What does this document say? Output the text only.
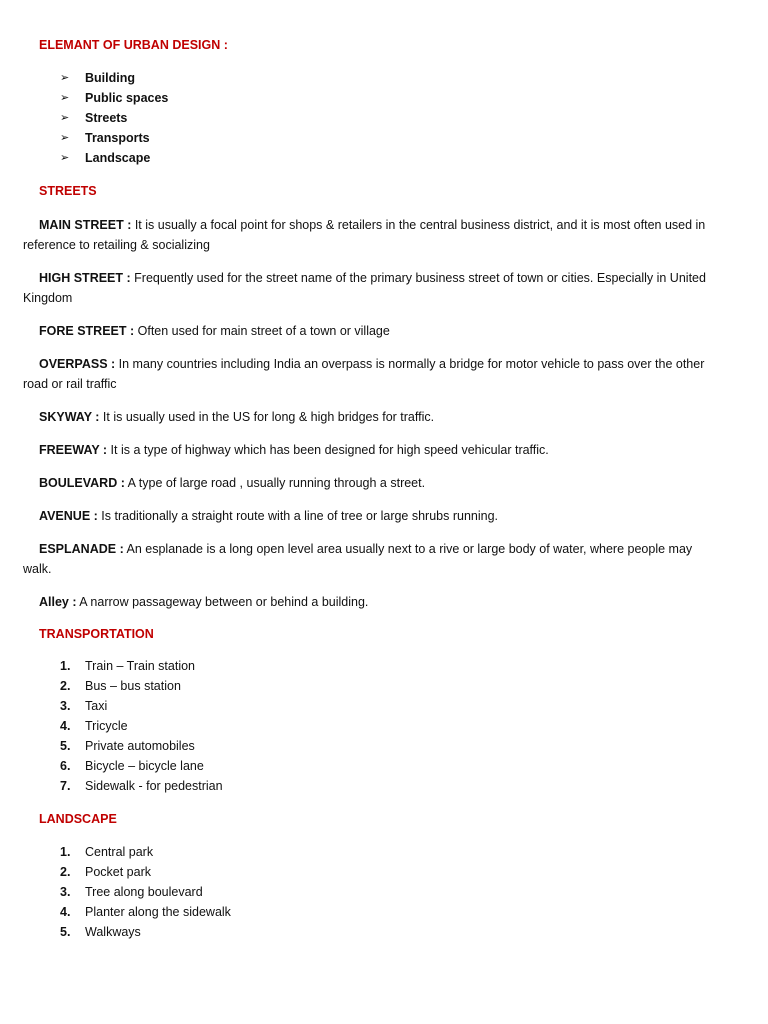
ELEMANT OF URBAN DESIGN :
➢ Building
➢ Public spaces
➢ Streets
➢ Transports
➢ Landscape
STREETS

MAIN STREET : It is usually a focal point for shops & retailers in the central business district, and it is most often used in reference to retailing & socializing

HIGH STREET : Frequently used for the street name of the primary business street of town or cities. Especially in United Kingdom

FORE STREET : Often used for main street of a town or village

OVERPASS : In many countries including India an overpass is normally a bridge for motor vehicle to pass over the other road or rail traffic

SKYWAY : It is usually used in the US for long & high bridges for traffic.

FREEWAY : It is a type of highway which has been designed for high speed vehicular traffic.

BOULEVARD : A type of large road , usually running through a street.

AVENUE : Is traditionally a straight route with a line of tree or large shrubs running.

ESPLANADE : An esplanade is a long open level area usually next to a rive or large body of water, where people may walk.

Alley : A narrow passageway between or behind a building.

TRANSPORTATION
1. Train – Train station
2. Bus – bus station
3. Taxi
4. Tricycle
5. Private automobiles
6. Bicycle – bicycle lane
7. Sidewalk - for pedestrian
LANDSCAPE
1. Central park
2. Pocket park
3. Tree along boulevard
4. Planter along the sidewalk
5. Walkways
